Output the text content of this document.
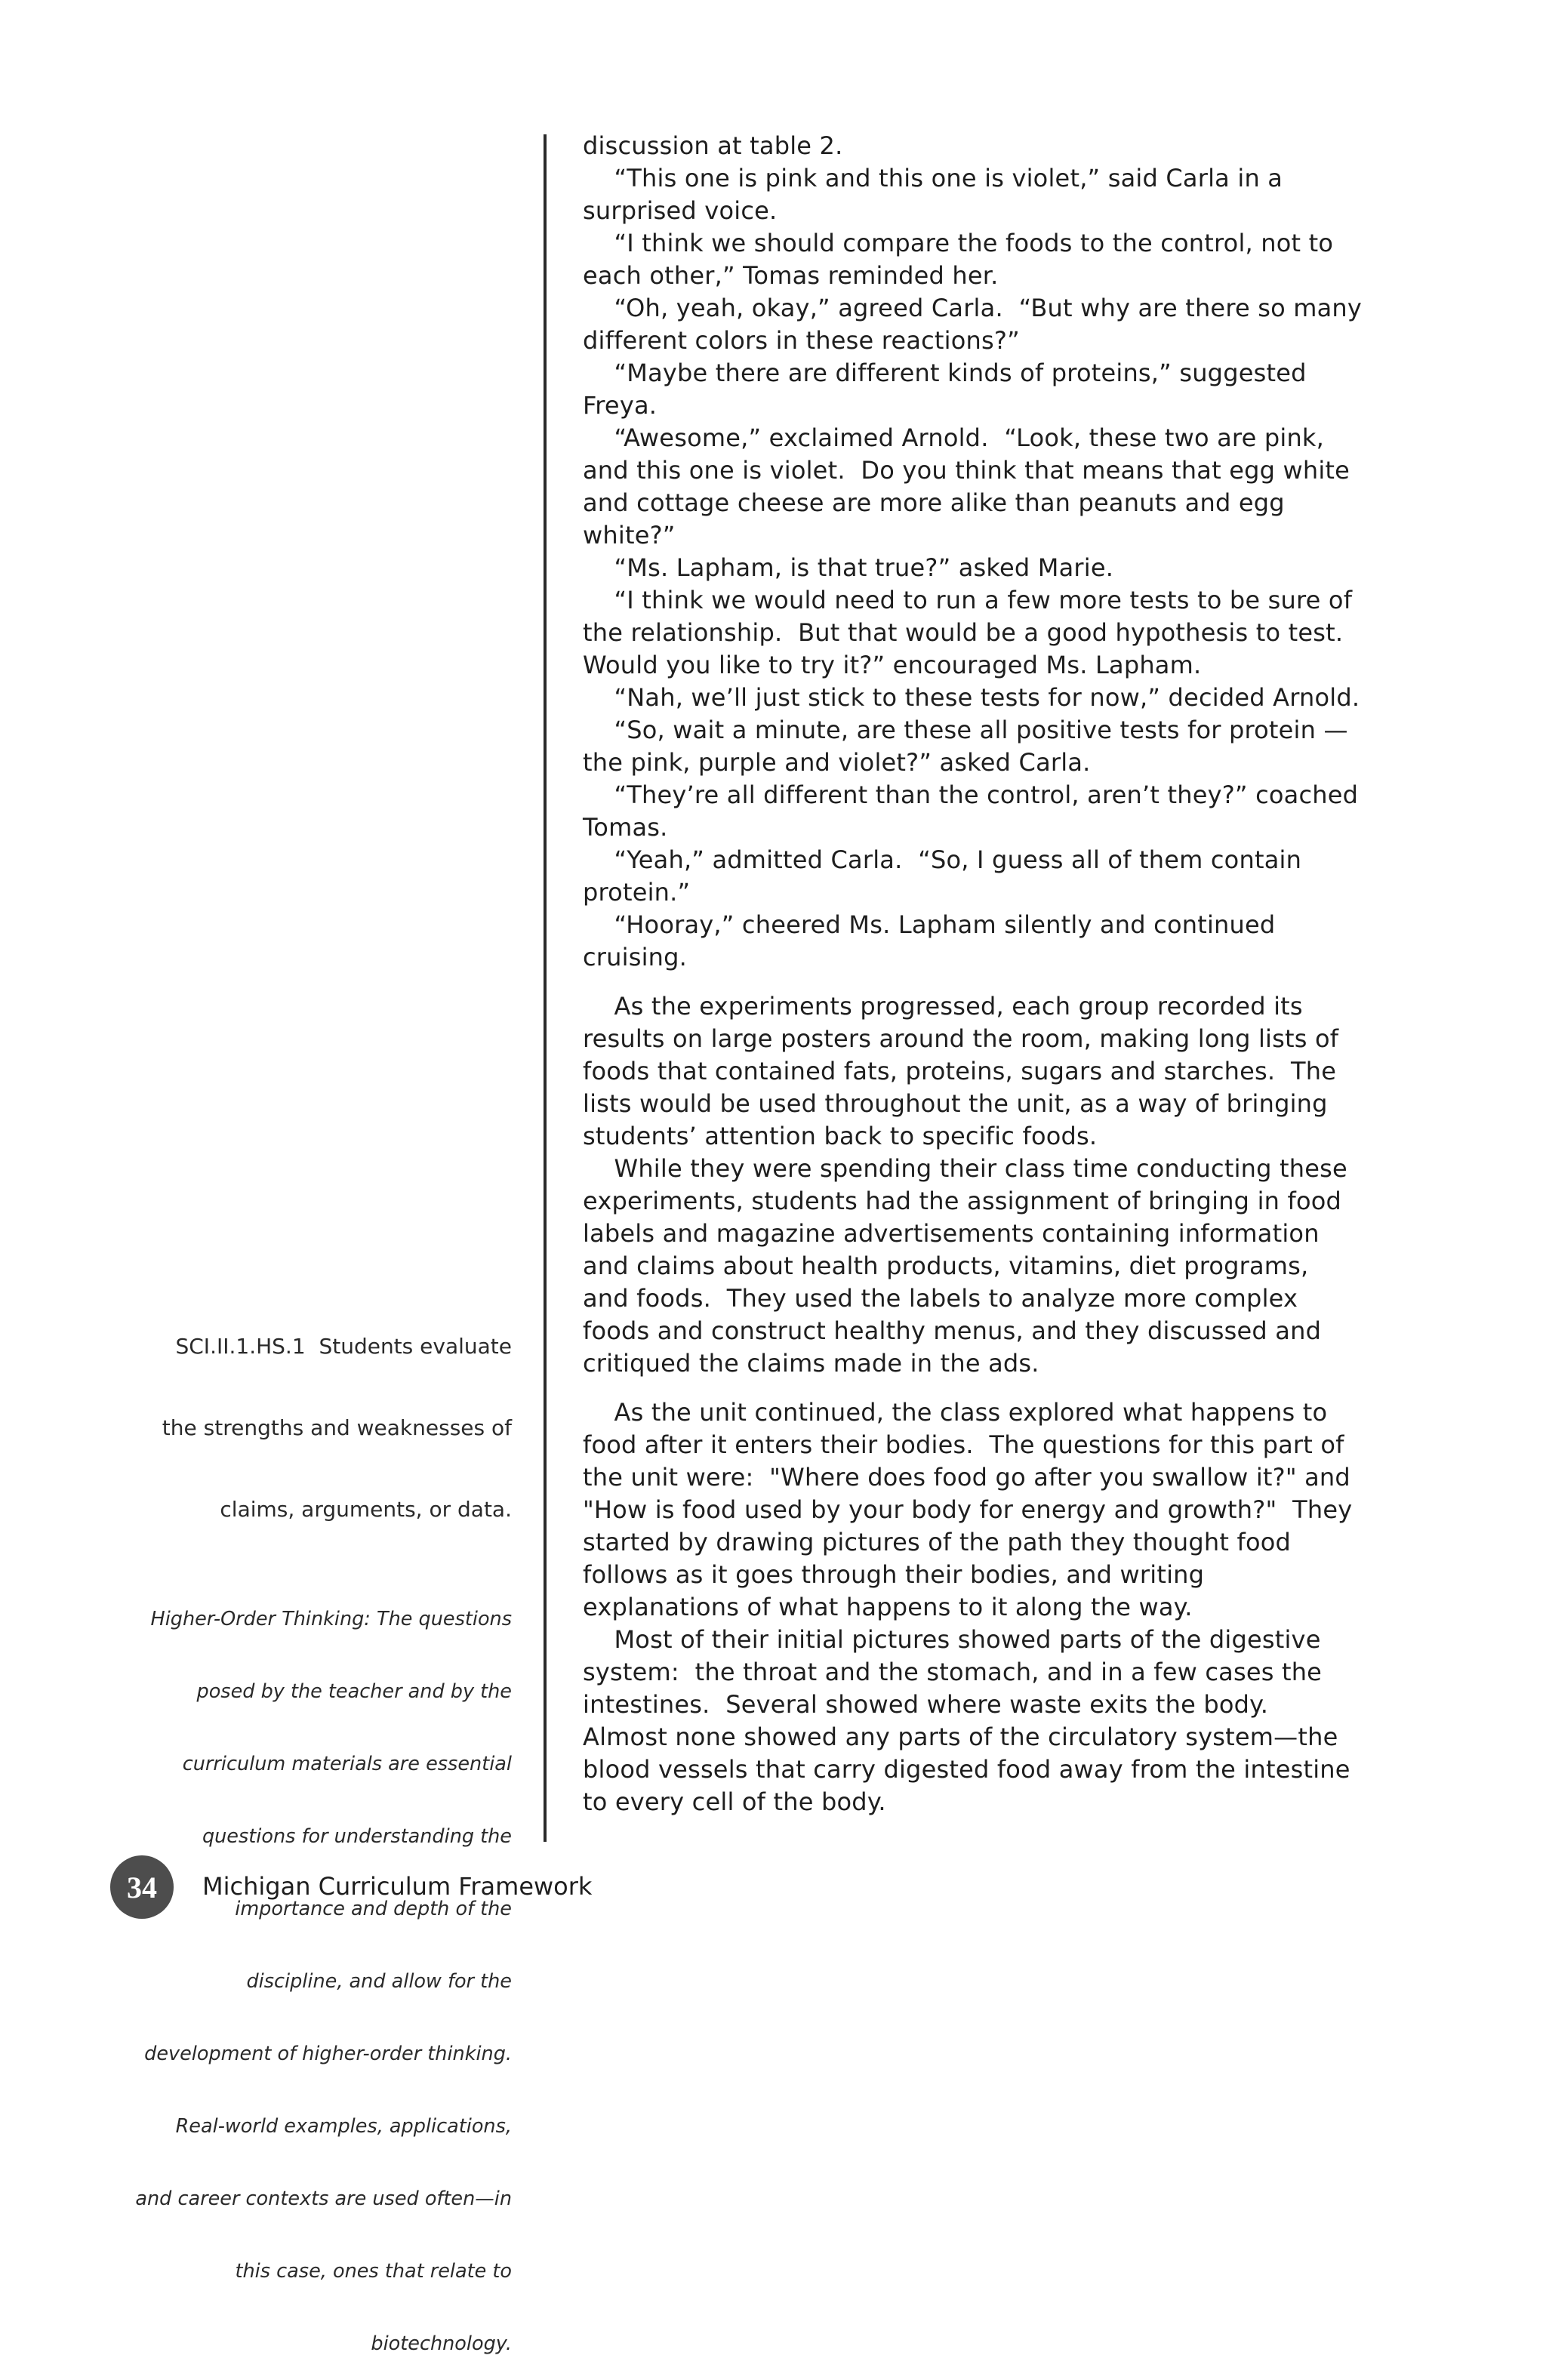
discussion at table 2.

“This one is pink and this one is violet,” said Carla in a

surprised voice.

“I think we should compare the foods to the control, not to

each other,” Tomas reminded her.

“Oh, yeah, okay,” agreed Carla.  “But why are there so many

different colors in these reactions?”

“Maybe there are different kinds of proteins,” suggested

Freya.

“Awesome,” exclaimed Arnold.  “Look, these two are pink,

and this one is violet.  Do you think that means that egg white

and cottage cheese are more alike than peanuts and egg

white?”

“Ms. Lapham, is that true?” asked Marie.

“I think we would need to run a few more tests to be sure of

the relationship.  But that would be a good hypothesis to test.

Would you like to try it?” encouraged Ms. Lapham.

“Nah, we’ll just stick to these tests for now,” decided Arnold.

“So, wait a minute, are these all positive tests for protein —

the pink, purple and violet?” asked Carla.

“They’re all different than the control, aren’t they?” coached

Tomas.

“Yeah,” admitted Carla.  “So, I guess all of them contain

protein.”

“Hooray,” cheered Ms. Lapham silently and continued

cruising.

As the experiments progressed, each group recorded its

results on large posters around the room, making long lists of

foods that contained fats, proteins, sugars and starches.  The

lists would be used throughout the unit, as a way of bringing

students’ attention back to specific foods.

While they were spending their class time conducting these

experiments, students had the assignment of bringing in food

labels and magazine advertisements containing information

and claims about health products, vitamins, diet programs,

and foods.  They used the labels to analyze more complex

foods and construct healthy menus, and they discussed and

critiqued the claims made in the ads.

As the unit continued, the class explored what happens to

food after it enters their bodies.  The questions for this part of

the unit were:  "Where does food go after you swallow it?" and

"How is food used by your body for energy and growth?"  They

started by drawing pictures of the path they thought food

follows as it goes through their bodies, and writing

explanations of what happens to it along the way.

Most of their initial pictures showed parts of the digestive

system:  the throat and the stomach, and in a few cases the

intestines.  Several showed where waste exits the body.

Almost none showed any parts of the circulatory system—the

blood vessels that carry digested food away from the intestine

to every cell of the body.

SCI.II.1.HS.1  Students evaluate

the strengths and weaknesses of

claims, arguments, or data.

Higher-Order Thinking: The questions

posed by the teacher and by the

curriculum materials are essential

questions for understanding the

importance and depth of the

discipline, and allow for the

development of higher-order thinking.

Real-world examples, applications,

and career contexts are used often—in

this case, ones that relate to

biotechnology.

34 Michigan Curriculum Framework
